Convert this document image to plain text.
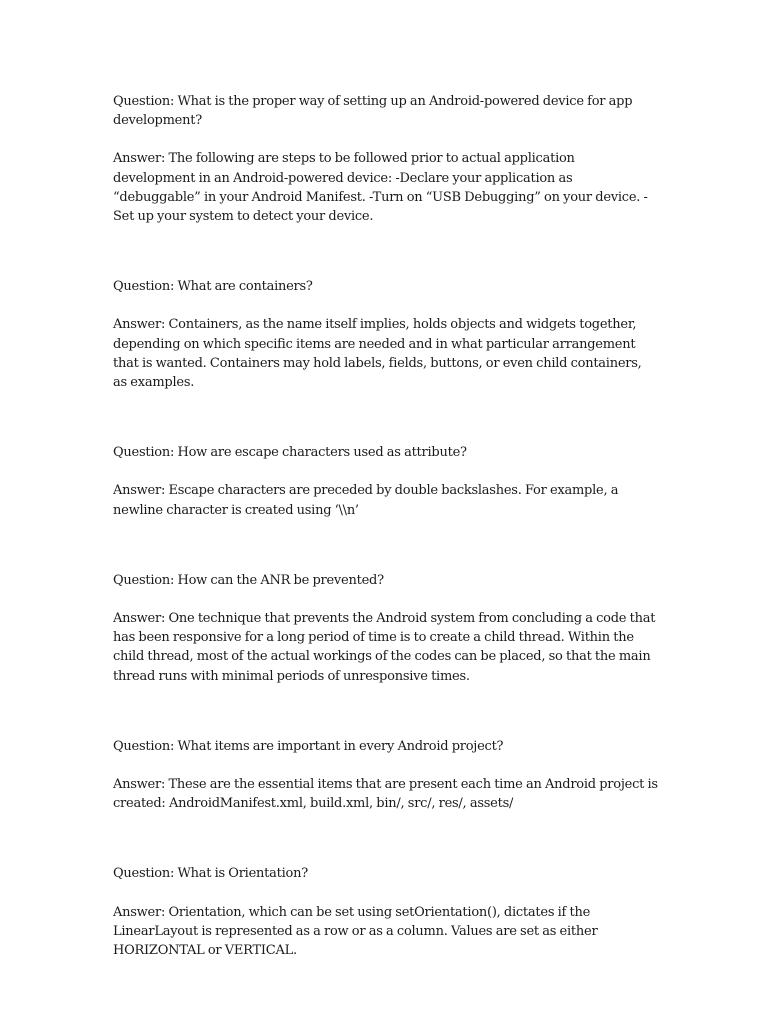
Question: What is the proper way of setting up an Android-powered device for app development?

Answer: The following are steps to be followed prior to actual application development in an Android-powered device: -Declare your application as “debuggable” in your Android Manifest. -Turn on “USB Debugging” on your device. -Set up your system to detect your device.

Question: What are containers?

Answer: Containers, as the name itself implies, holds objects and widgets together, depending on which specific items are needed and in what particular arrangement that is wanted. Containers may hold labels, fields, buttons, or even child containers, as examples.

Question: How are escape characters used as attribute?

Answer: Escape characters are preceded by double backslashes. For example, a newline character is created using ‘\\n’

Question: How can the ANR be prevented?

Answer: One technique that prevents the Android system from concluding a code that has been responsive for a long period of time is to create a child thread. Within the child thread, most of the actual workings of the codes can be placed, so that the main thread runs with minimal periods of unresponsive times.

Question: What items are important in every Android project?

Answer: These are the essential items that are present each time an Android project is created: AndroidManifest.xml, build.xml, bin/, src/, res/, assets/

Question: What is Orientation?

Answer: Orientation, which can be set using setOrientation(), dictates if the LinearLayout is represented as a row or as a column. Values are set as either HORIZONTAL or VERTICAL.
